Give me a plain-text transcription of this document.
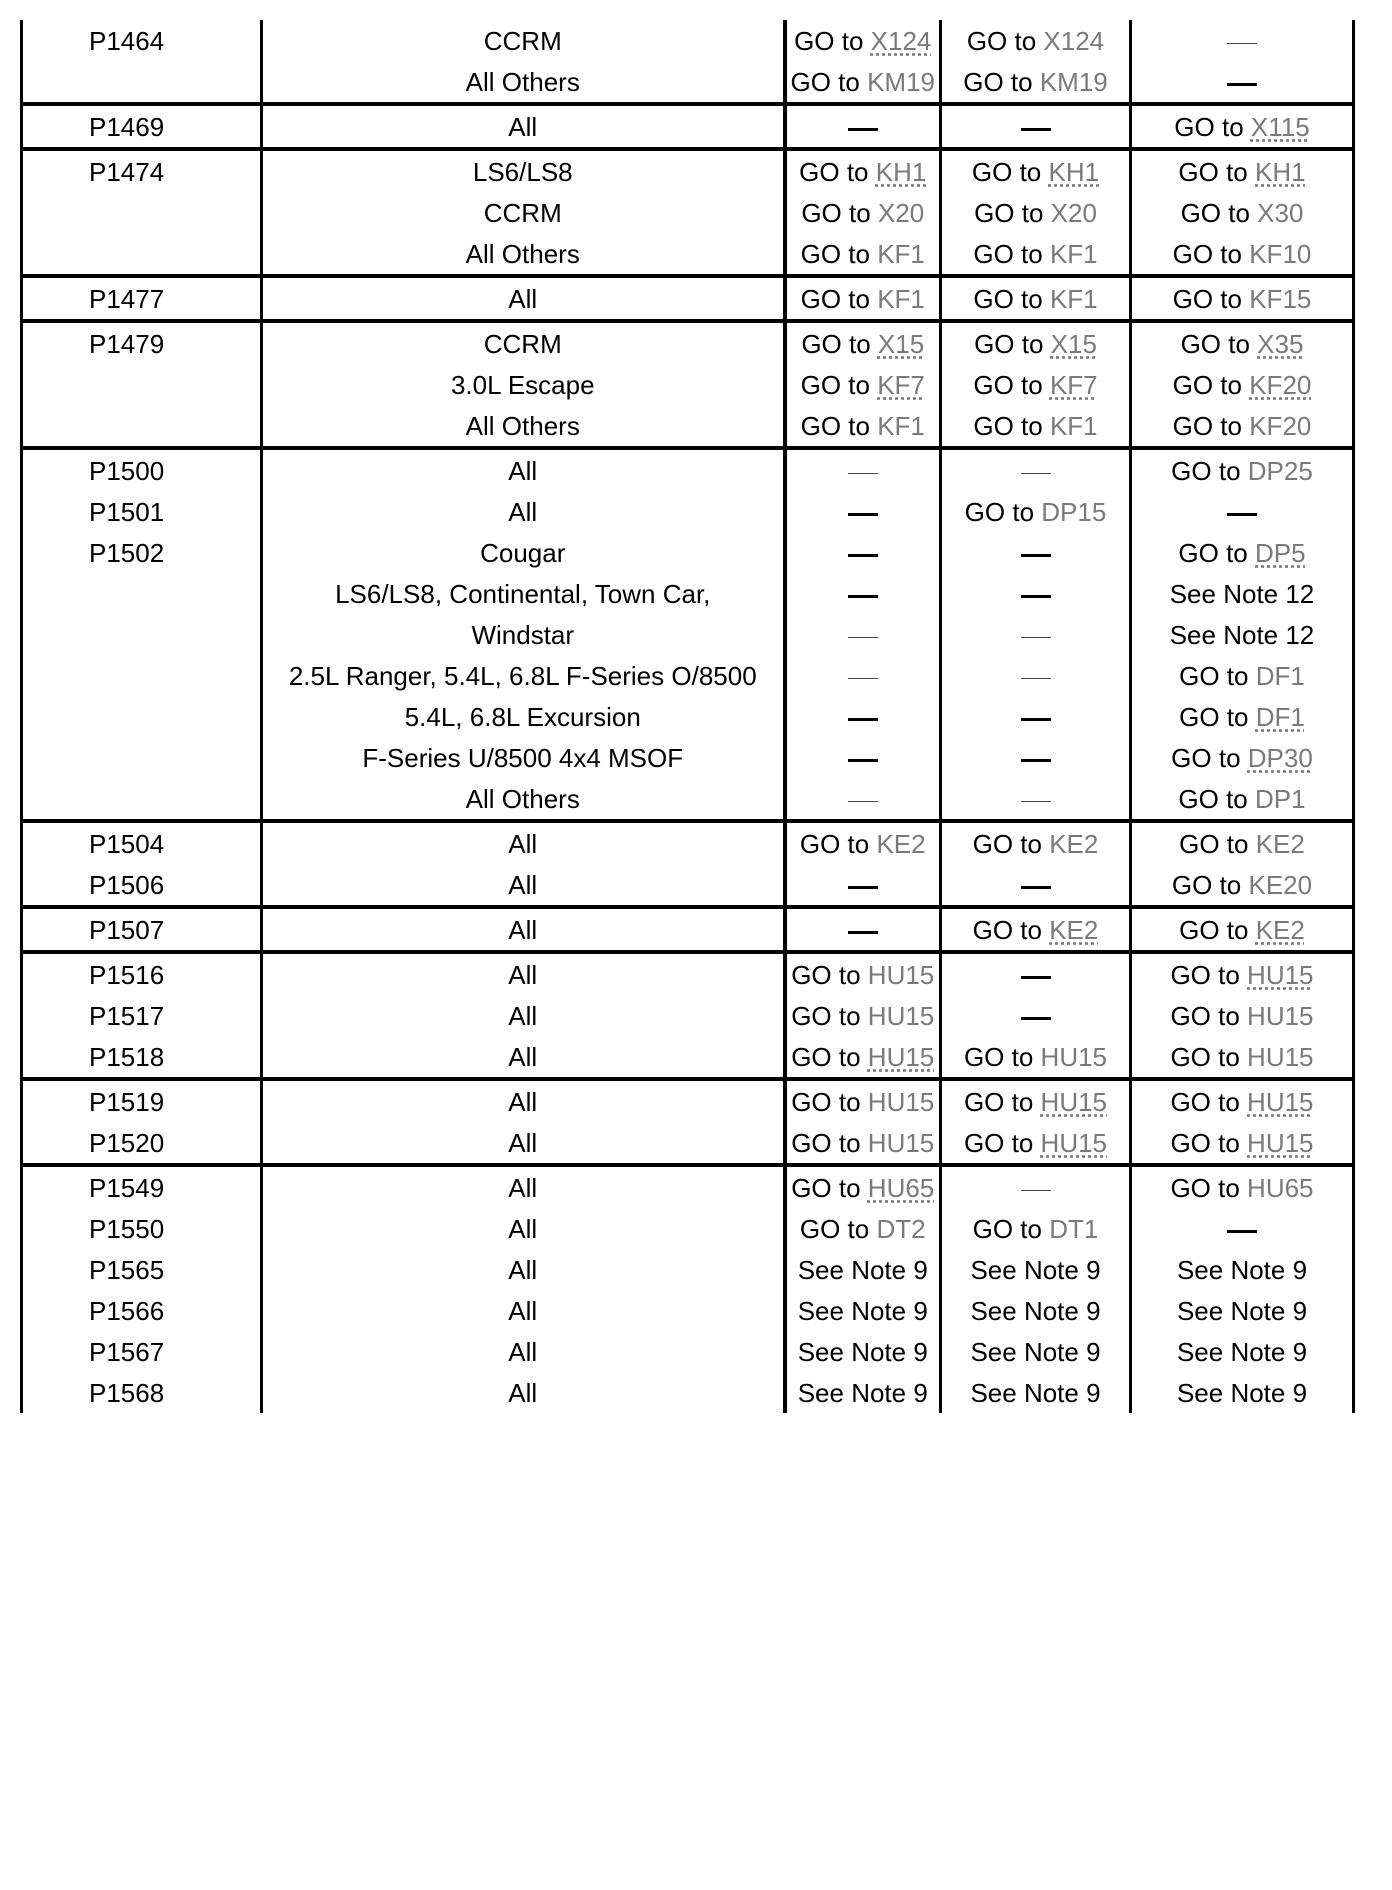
P1464	CCRM	GO to X124	GO to X124	
	All Others	GO to KM19	GO to KM19	
P1469	All			GO to X115
P1474	LS6/LS8	GO to KH1	GO to KH1	GO to KH1
	CCRM	GO to X20	GO to X20	GO to X30
	All Others	GO to KF1	GO to KF1	GO to KF10
P1477	All	GO to KF1	GO to KF1	GO to KF15
P1479	CCRM	GO to X15	GO to X15	GO to X35
	3.0L Escape	GO to KF7	GO to KF7	GO to KF20
	All Others	GO to KF1	GO to KF1	GO to KF20
P1500	All			GO to DP25
P1501	All		GO to DP15	
P1502	Cougar			GO to DP5
	LS6/LS8, Continental, Town Car,			See Note 12
	Windstar			See Note 12
	2.5L Ranger, 5.4L, 6.8L F-Series O/8500			GO to DF1
	5.4L, 6.8L Excursion			GO to DF1
	F-Series U/8500 4x4 MSOF			GO to DP30
	All Others			GO to DP1
P1504	All	GO to KE2	GO to KE2	GO to KE2
P1506	All			GO to KE20
P1507	All		GO to KE2	GO to KE2
P1516	All	GO to HU15		GO to HU15
P1517	All	GO to HU15		GO to HU15
P1518	All	GO to HU15	GO to HU15	GO to HU15
P1519	All	GO to HU15	GO to HU15	GO to HU15
P1520	All	GO to HU15	GO to HU15	GO to HU15
P1549	All	GO to HU65		GO to HU65
P1550	All	GO to DT2	GO to DT1	
P1565	All	See Note 9	See Note 9	See Note 9
P1566	All	See Note 9	See Note 9	See Note 9
P1567	All	See Note 9	See Note 9	See Note 9
P1568	All	See Note 9	See Note 9	See Note 9
